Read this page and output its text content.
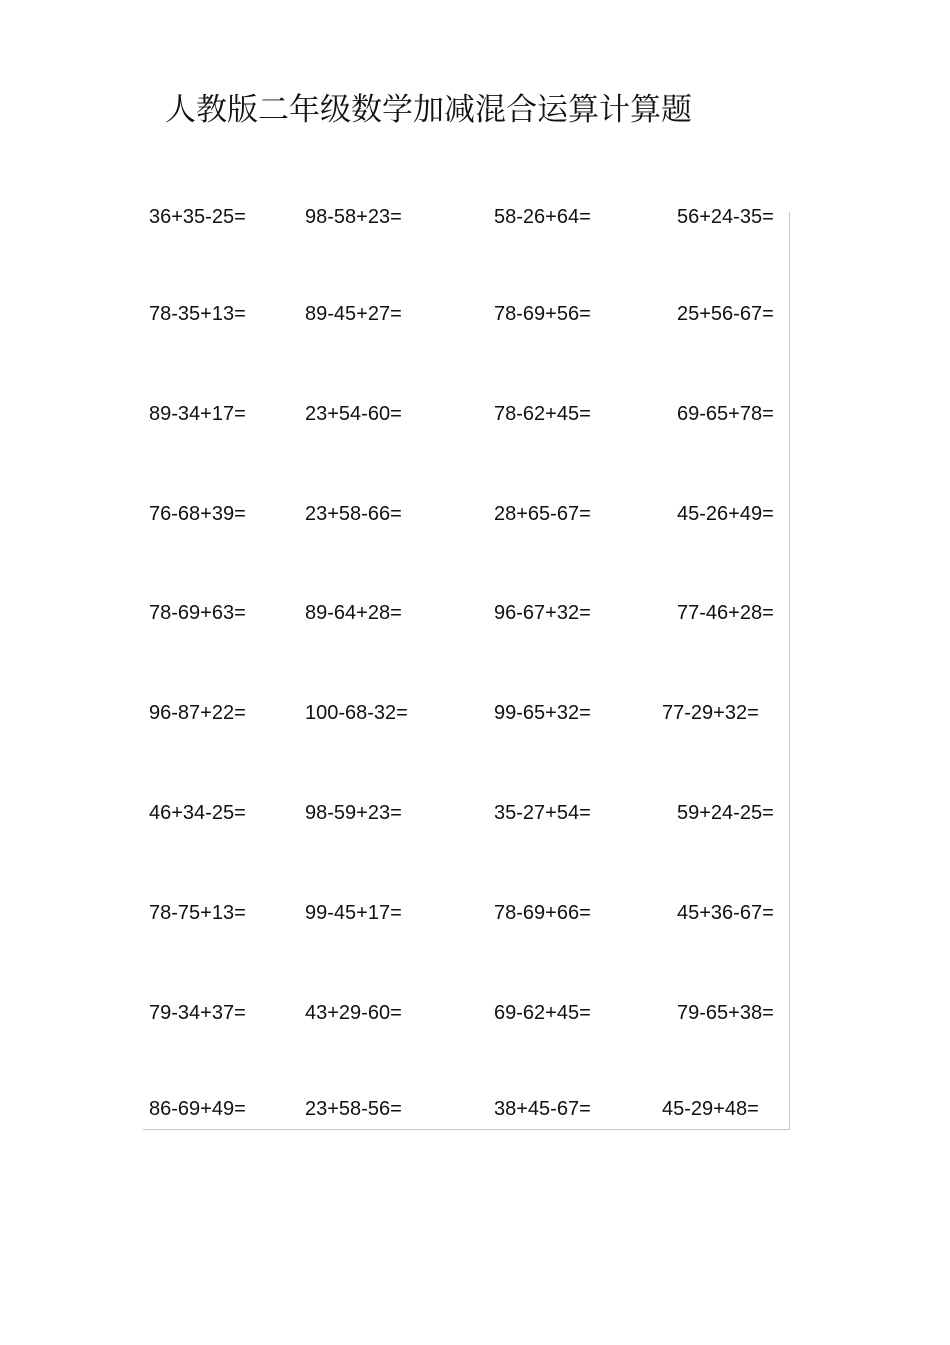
人教版二年级数学加减混合运算计算题
36+35-25=	98-58+23=	58-26+64=	56+24-35=
78-35+13=	89-45+27=	78-69+56=	25+56-67=
89-34+17=	23+54-60=	78-62+45=	69-65+78=
76-68+39=	23+58-66=	28+65-67=	45-26+49=
78-69+63=	89-64+28=	96-67+32=	77-46+28=
96-87+22=	100-68-32=	99-65+32=	77-29+32=
46+34-25=	98-59+23=	35-27+54=	59+24-25=
78-75+13=	99-45+17=	78-69+66=	45+36-67=
79-34+37=	43+29-60=	69-62+45=	79-65+38=
86-69+49=	23+58-56=	38+45-67=	45-29+48=
